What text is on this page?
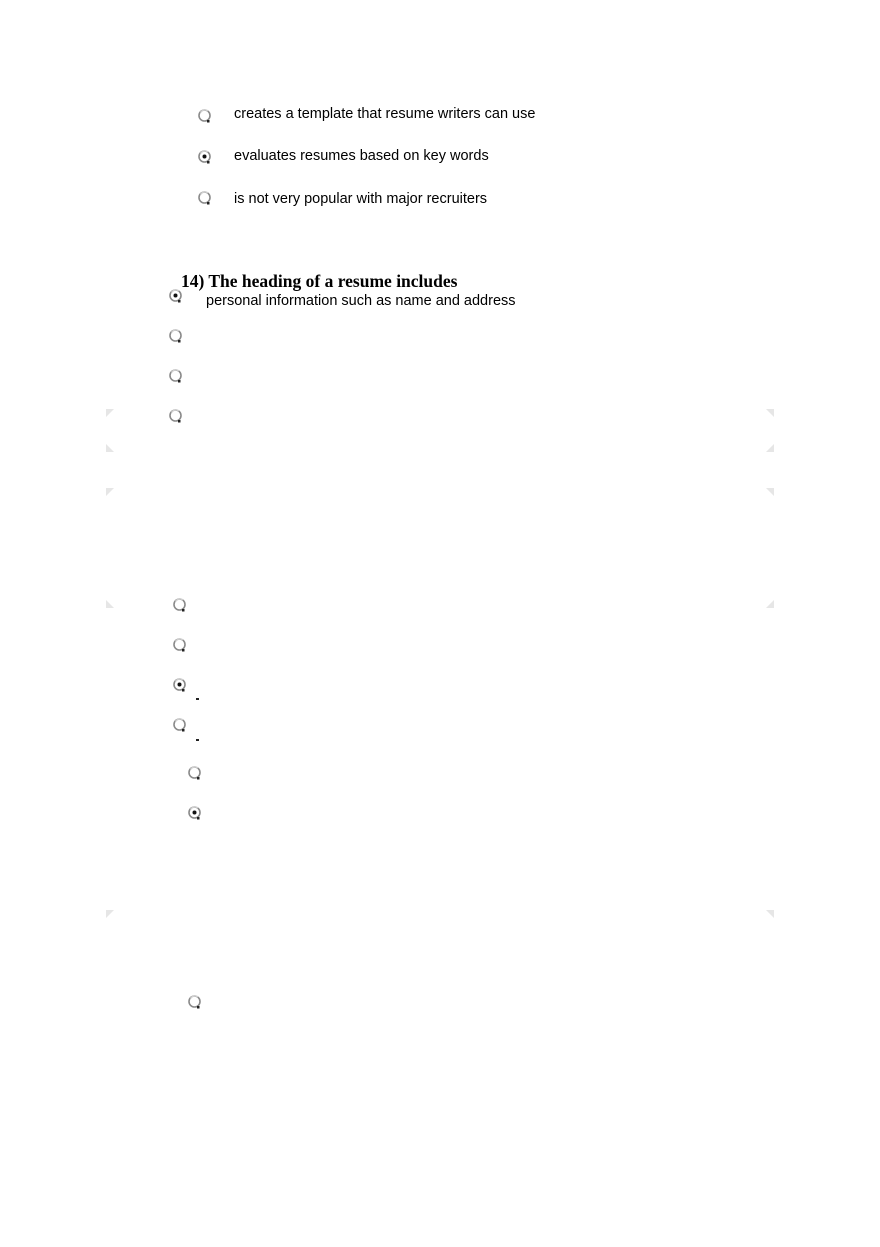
creates a template that resume writers can use
evaluates resumes based on key words
is not very popular with major recruiters
14) The heading of a resume includes
personal information such as name and address
